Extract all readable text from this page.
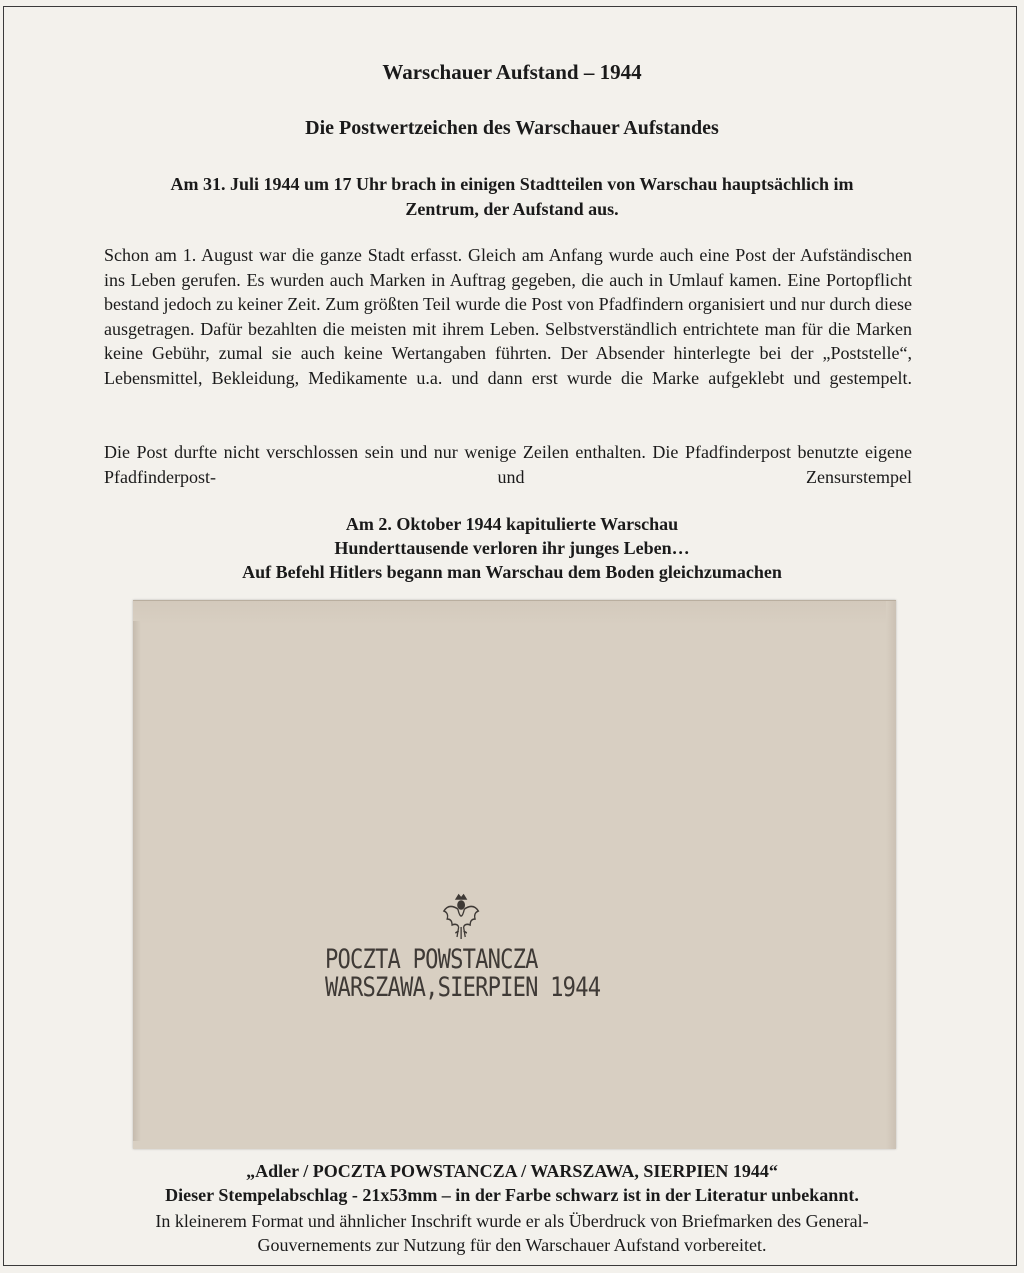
Warschauer Aufstand – 1944
Die Postwertzeichen des Warschauer Aufstandes
Am 31. Juli 1944 um 17 Uhr brach in einigen Stadtteilen von Warschau hauptsächlich im
Zentrum, der Aufstand aus.
Schon am 1. August war die ganze Stadt erfasst. Gleich am Anfang wurde auch eine Post der Aufständischen ins Leben gerufen. Es wurden auch Marken in Auftrag gegeben, die auch in Umlauf kamen. Eine Portopflicht bestand jedoch zu keiner Zeit. Zum größten Teil wurde die Post von Pfadfindern organisiert und nur durch diese ausgetragen. Dafür bezahlten die meisten mit ihrem Leben. Selbstverständlich entrichtete man für die Marken keine Gebühr, zumal sie auch keine Wertangaben führten. Der Absender hinterlegte bei der „Poststelle“, Lebensmittel, Bekleidung, Medikamente u.a. und dann erst wurde die Marke aufgeklebt und gestempelt.
Die Post durfte nicht verschlossen sein und nur wenige Zeilen enthalten. Die Pfadfinderpost benutzte eigene Pfadfinderpost- und Zensurstempel
Am 2. Oktober 1944 kapitulierte Warschau
Hunderttausende verloren ihr junges Leben…
Auf Befehl Hitlers begann man Warschau dem Boden gleichzumachen
POCZTA POWSTANCZA
WARSZAWA,SIERPIEN 1944
„Adler / POCZTA POWSTANCZA / WARSZAWA, SIERPIEN 1944“
Dieser Stempelabschlag - 21x53mm – in der Farbe schwarz ist in der Literatur unbekannt.
In kleinerem Format und ähnlicher Inschrift wurde er als Überdruck von Briefmarken des General-
Gouvernements zur Nutzung für den Warschauer Aufstand vorbereitet.
